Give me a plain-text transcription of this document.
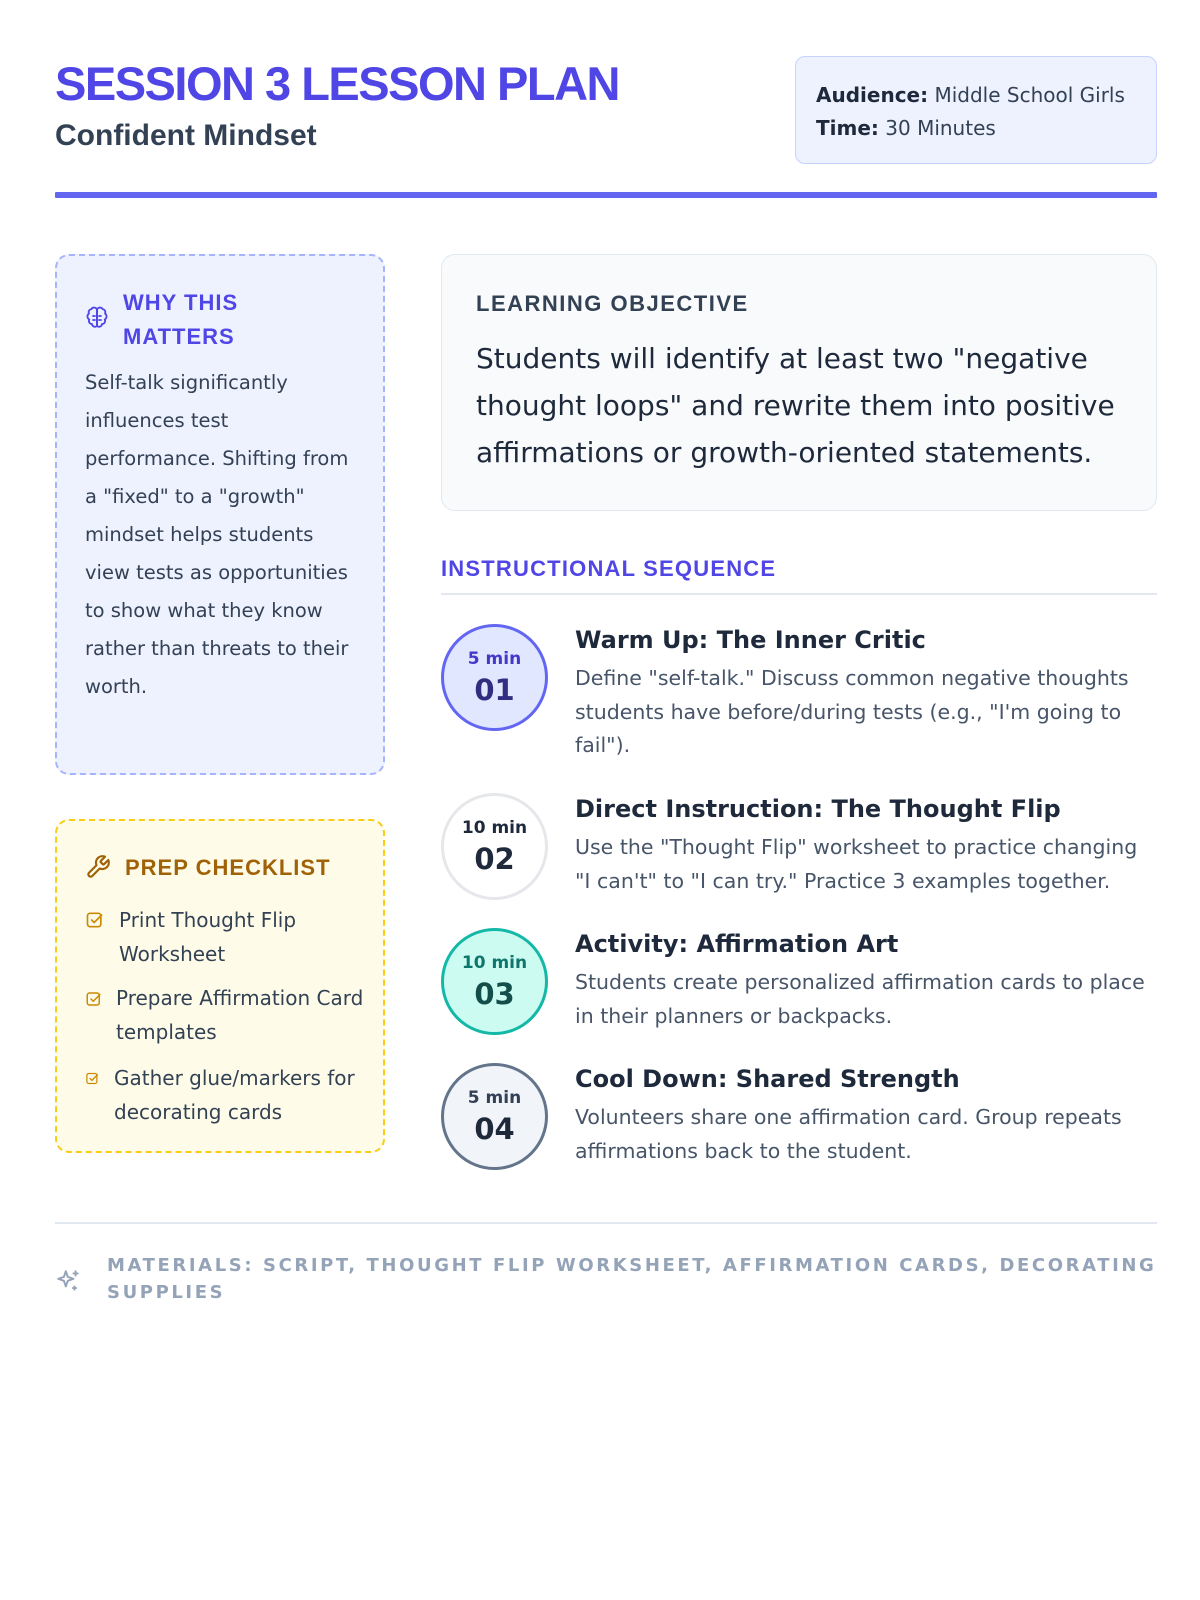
SESSION 3 LESSON PLAN
Confident Mindset
Audience: Middle School Girls
Time: 30 Minutes
WHY THIS MATTERS

Self-talk significantly influences test performance. Shifting from a "fixed" to a "growth" mindset helps students view tests as opportunities to show what they know rather than threats to their worth.

PREP CHECKLIST
Print Thought Flip Worksheet
Prepare Affirmation Card templates
Gather glue/markers for decorating cards
LEARNING OBJECTIVE

Students will identify at least two "negative thought loops" and rewrite them into positive affirmations or growth-oriented statements.

INSTRUCTIONAL SEQUENCE
5 min
01
Warm Up: The Inner Critic

Define "self-talk." Discuss common negative thoughts students have before/during tests (e.g., "I'm going to fail").

10 min
02
Direct Instruction: The Thought Flip

Use the "Thought Flip" worksheet to practice changing "I can't" to "I can try." Practice 3 examples together.

10 min
03
Activity: Affirmation Art

Students create personalized affirmation cards to place in their planners or backpacks.

5 min
04
Cool Down: Shared Strength

Volunteers share one affirmation card. Group repeats affirmations back to the student.

MATERIALS: SCRIPT, THOUGHT FLIP WORKSHEET, AFFIRMATION CARDS, DECORATING SUPPLIES
